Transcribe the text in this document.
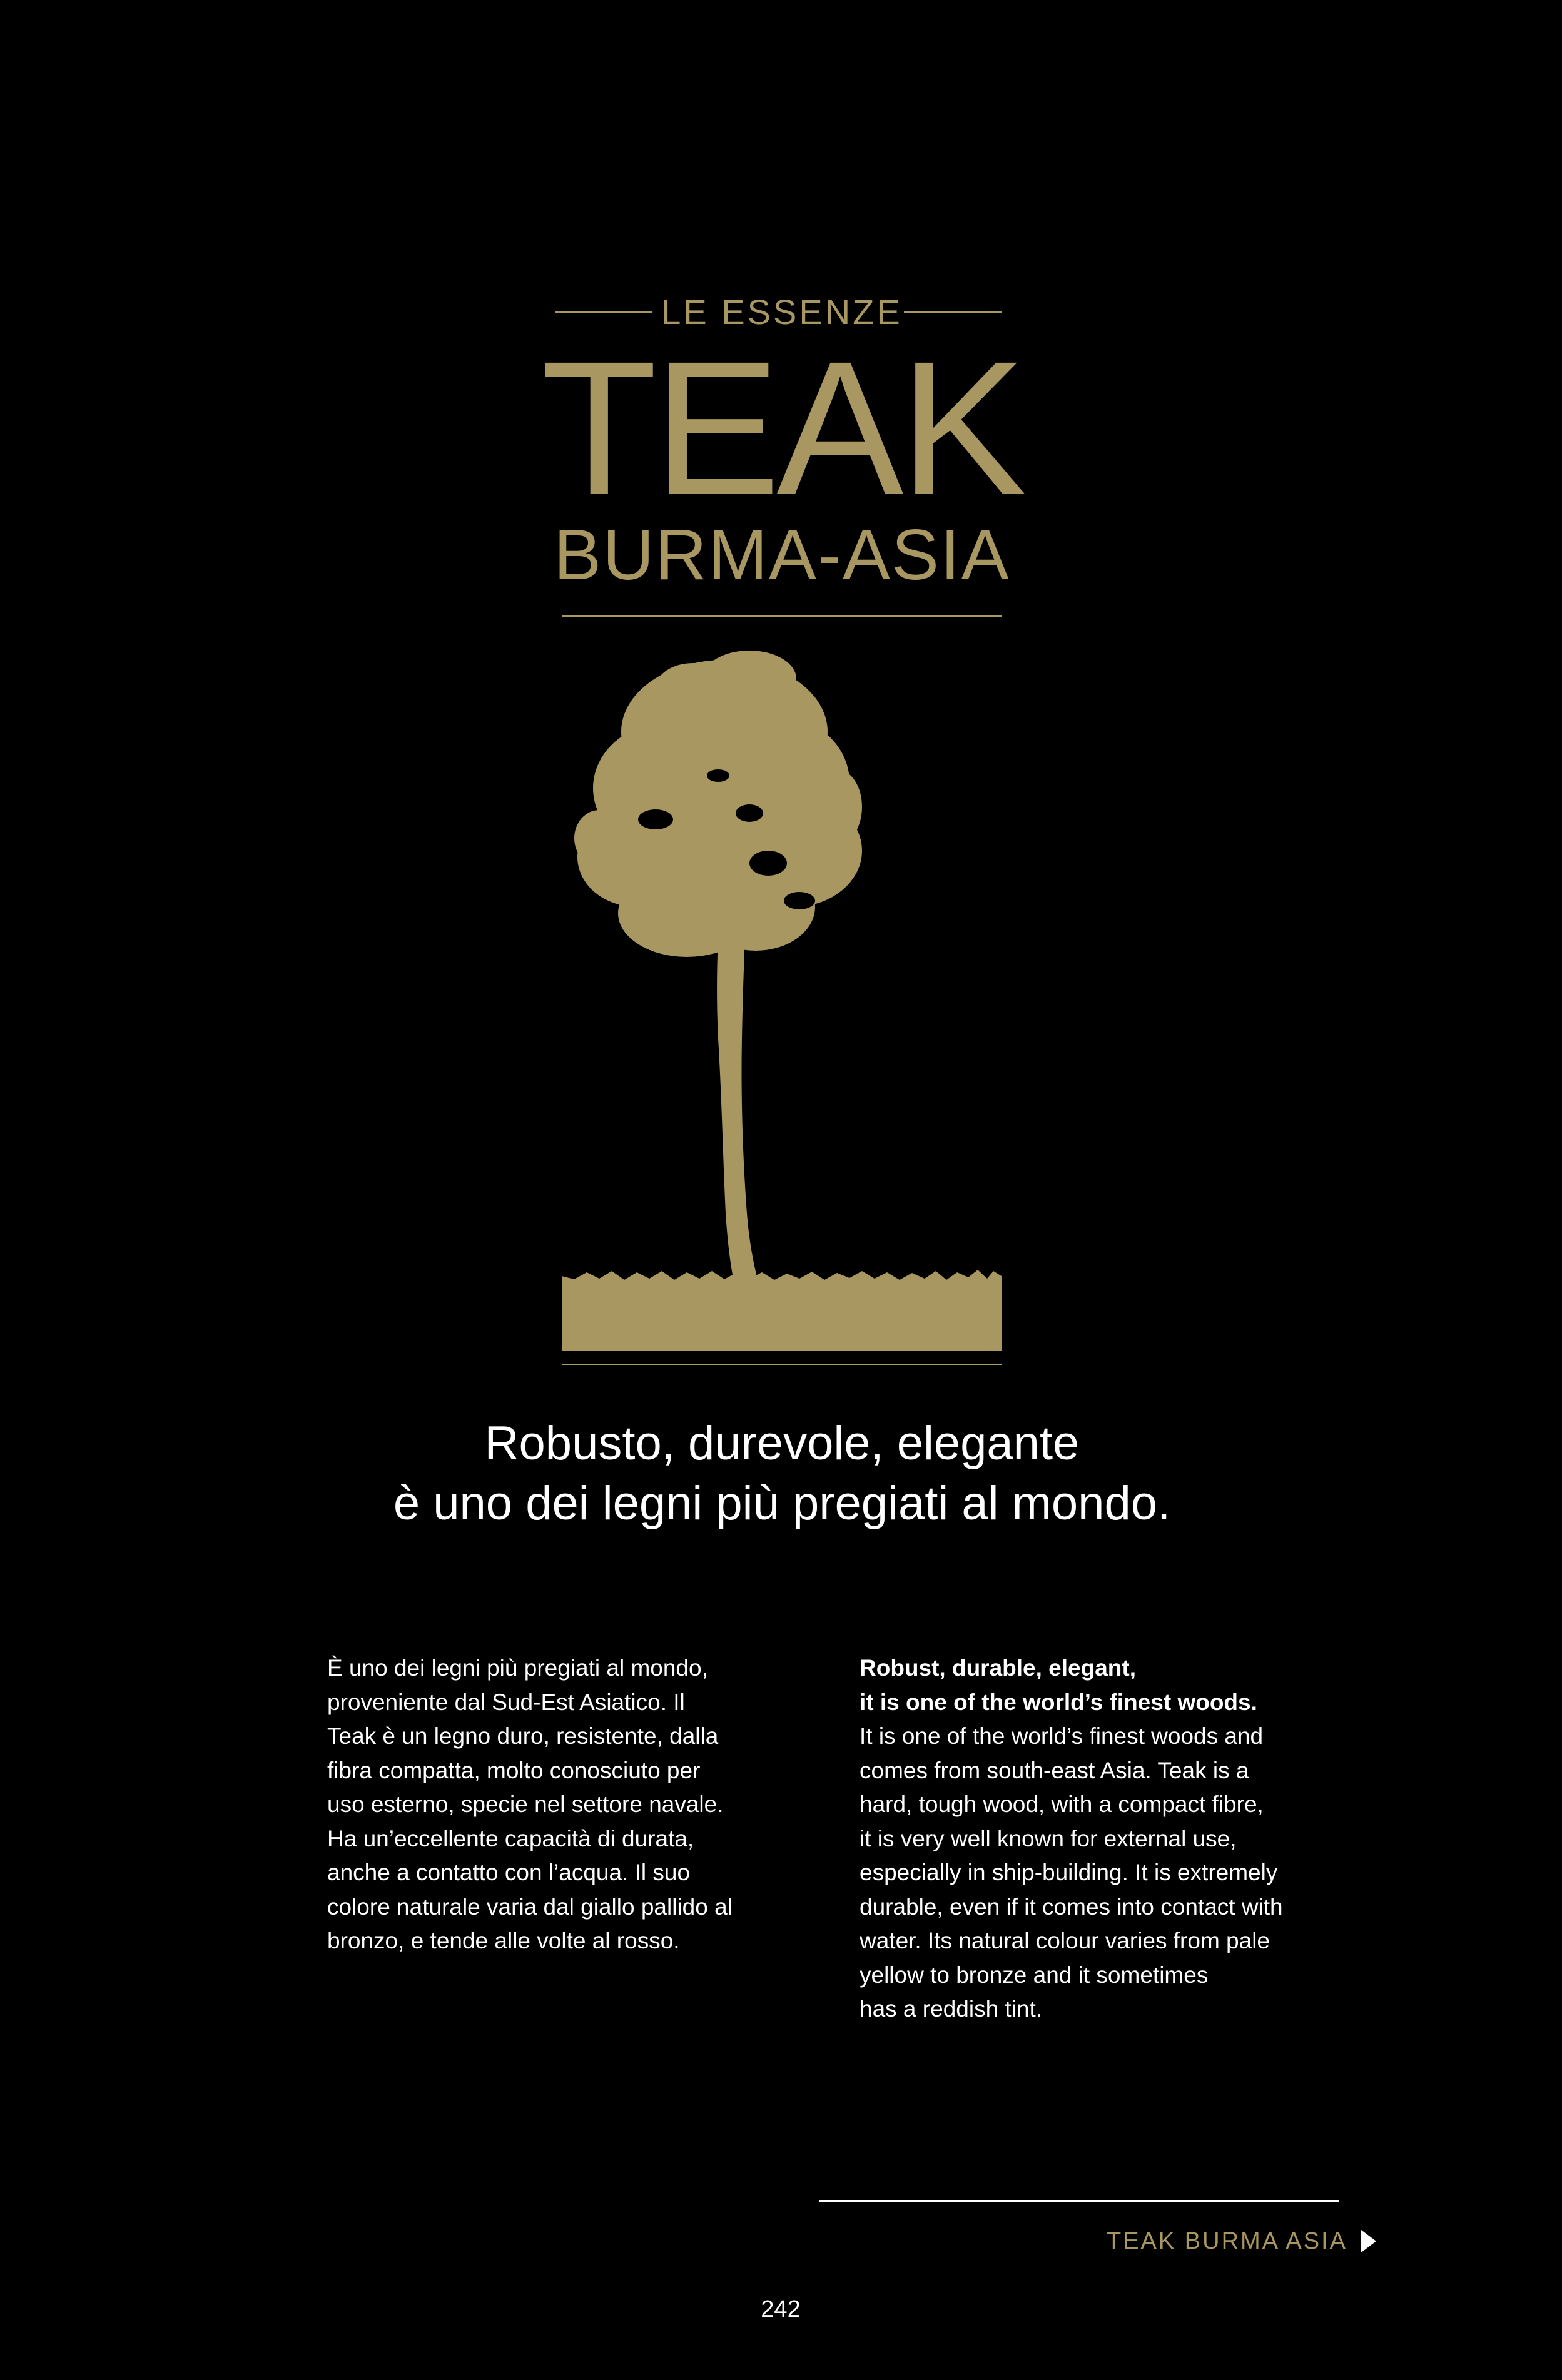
LE ESSENZE
TEAK
BURMA-ASIA
Robusto, durevole, elegante
è uno dei legni più pregiati al mondo.

È uno dei legni più pregiati al mondo,

proveniente dal Sud-Est Asiatico. Il

Teak è un legno duro, resistente, dalla

fibra compatta, molto conosciuto per

uso esterno, specie nel settore navale.

Ha un’eccellente capacità di durata,

anche a contatto con l’acqua. Il suo

colore naturale varia dal giallo pallido al

bronzo, e tende alle volte al rosso.

Robust, durable, elegant,

it is one of the world’s finest woods.

It is one of the world’s finest woods and

comes from south-east Asia. Teak is a

hard, tough wood, with a compact fibre,

it is very well known for external use,

especially in ship-building. It is extremely

durable, even if it comes into contact with

water. Its natural colour varies from pale

yellow to bronze and it sometimes

has a reddish tint.

TEAK BURMA ASIA
242
